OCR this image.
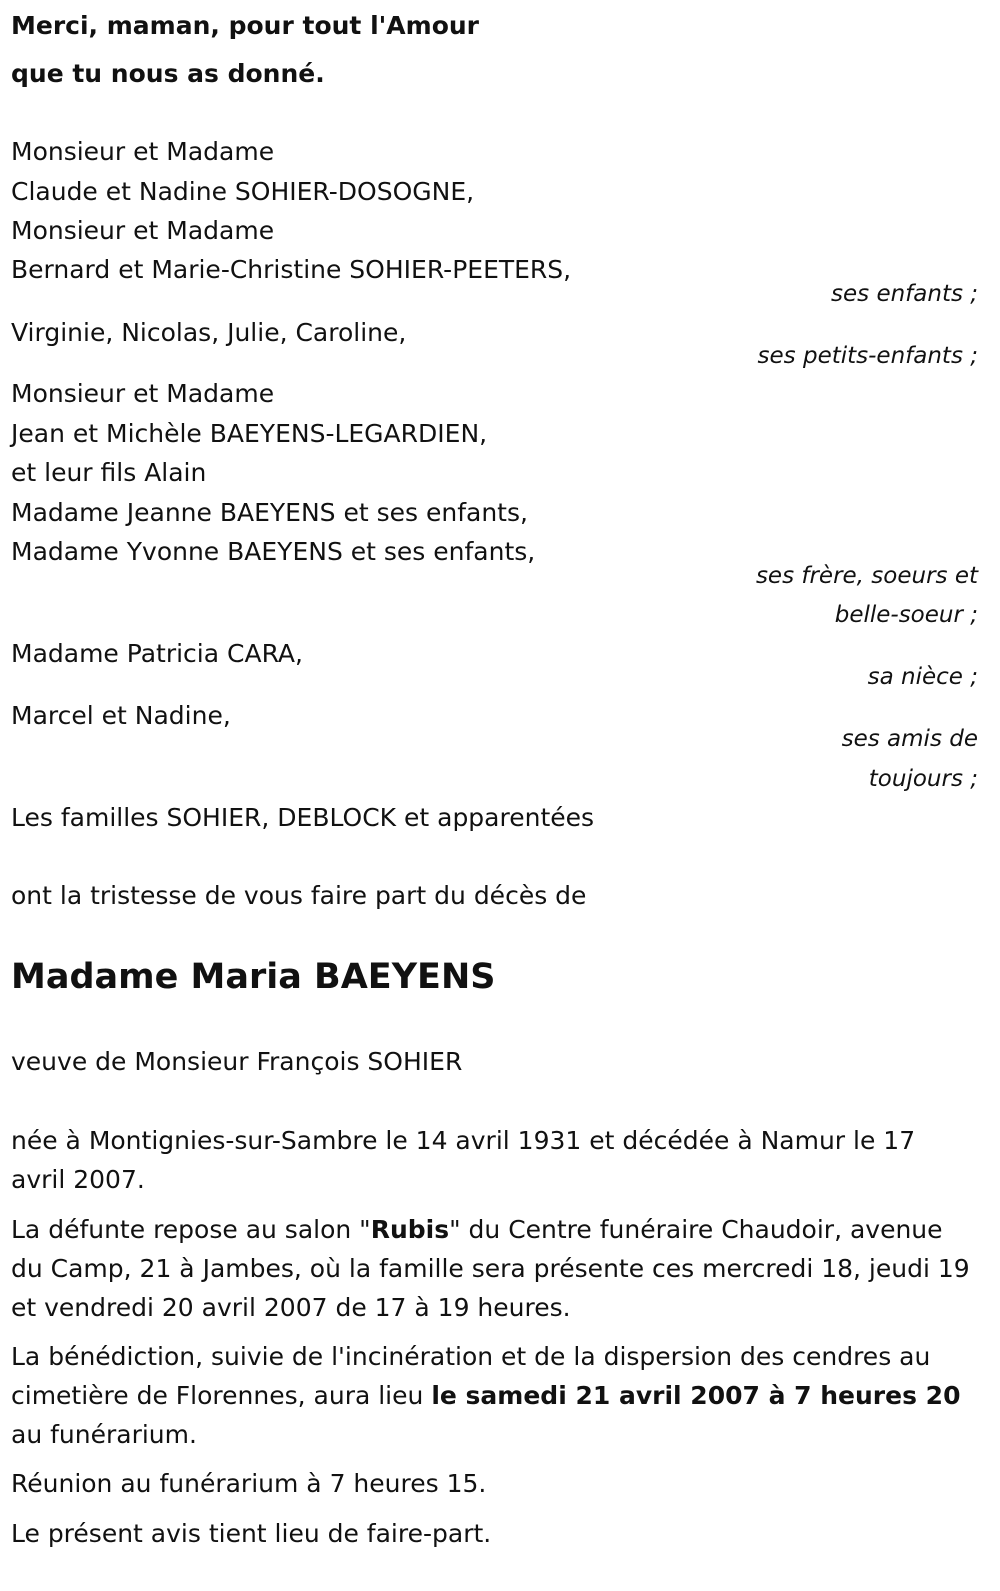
Merci, maman, pour tout l'Amour

que tu nous as donné.

Monsieur et Madame

Claude et Nadine SOHIER-DOSOGNE,

Monsieur et Madame

Bernard et Marie-Christine SOHIER-PEETERS,

ses enfants ;

Virginie, Nicolas, Julie, Caroline,

ses petits-enfants ;

Monsieur et Madame

Jean et Michèle BAEYENS-LEGARDIEN,

et leur fils Alain

Madame Jeanne BAEYENS et ses enfants,

Madame Yvonne BAEYENS et ses enfants,

ses frère, soeurs et

belle-soeur ;

Madame Patricia CARA,

sa nièce ;

Marcel et Nadine,

ses amis de

toujours ;

Les familles SOHIER, DEBLOCK et apparentées

ont la tristesse de vous faire part du décès de

Madame Maria BAEYENS

veuve de Monsieur François SOHIER

née à Montignies-sur-Sambre le 14 avril 1931 et décédée à Namur le 17 avril 2007.

La défunte repose au salon "Rubis" du Centre funéraire Chaudoir, avenue du Camp, 21 à Jambes, où la famille sera présente ces mercredi 18, jeudi 19 et vendredi 20 avril 2007 de 17 à 19 heures.

La bénédiction, suivie de l'incinération et de la dispersion des cendres au cimetière de Florennes, aura lieu le samedi 21 avril 2007 à 7 heures 20 au funérarium.

Réunion au funérarium à 7 heures 15.

Le présent avis tient lieu de faire-part.
